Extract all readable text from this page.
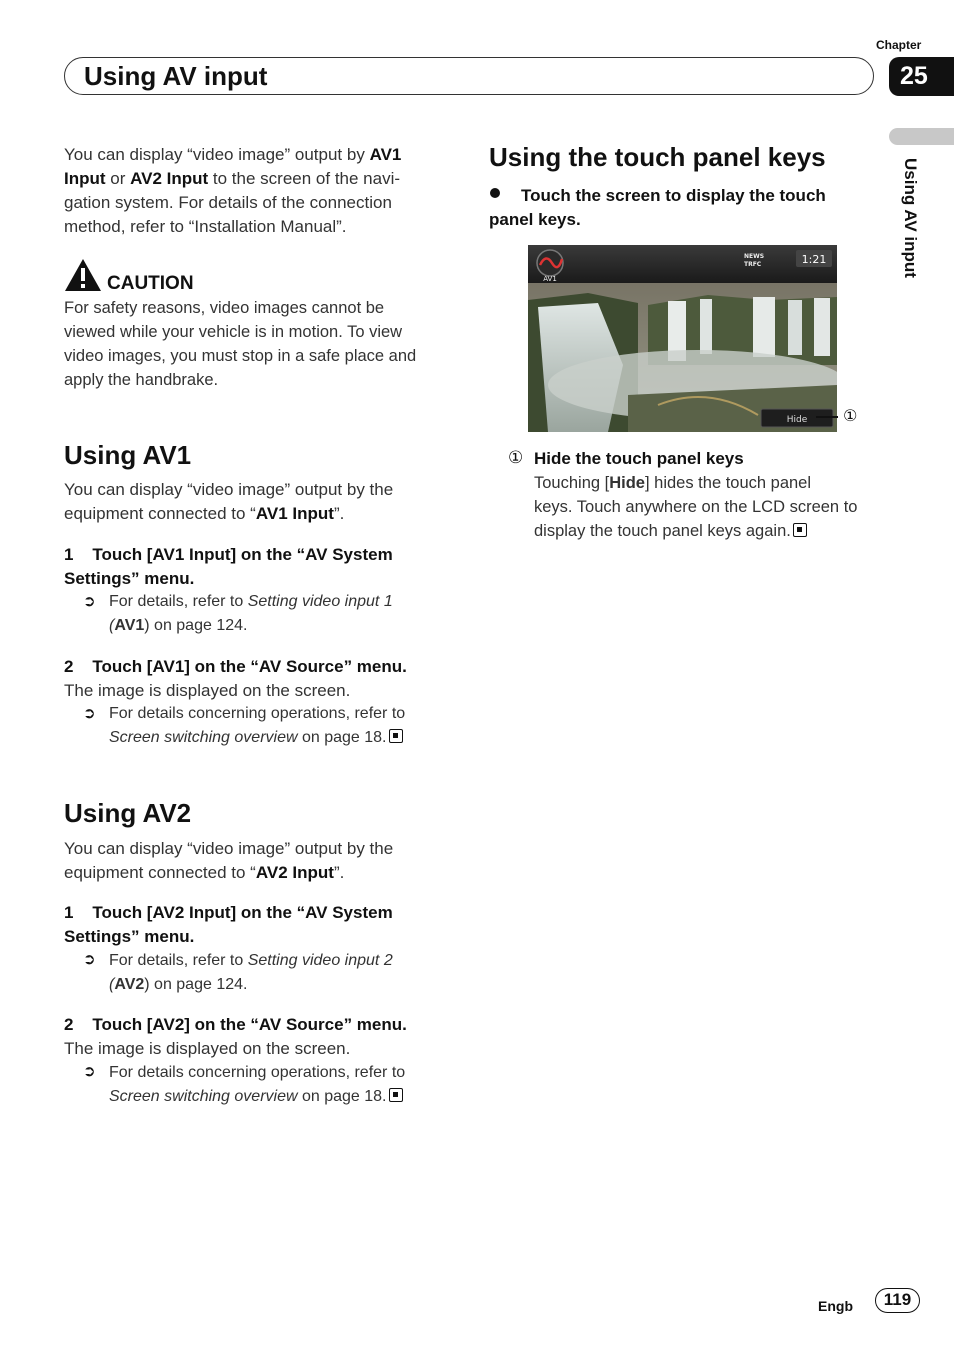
Chapter
25
Using AV input
Using AV input
You can display “video image” output by AV1
Input or AV2 Input to the screen of the navi-
gation system. For details of the connection
method, refer to “Installation Manual”.
CAUTION
For safety reasons, video images cannot be
viewed while your vehicle is in motion. To view
video images, you must stop in a safe place and
apply the handbrake.
Using AV1
You can display “video image” output by the
equipment connected to “AV1 Input”.
1    Touch [AV1 Input] on the “AV System
Settings” menu.
➲ For details, refer to Setting video input 1
(AV1) on page 124.
2    Touch [AV1] on the “AV Source” menu.
The image is displayed on the screen.
➲ For details concerning operations, refer to
Screen switching overview on page 18.
Using AV2
You can display “video image” output by the
equipment connected to “AV2 Input”.
1    Touch [AV2 Input] on the “AV System
Settings” menu.
➲ For details, refer to Setting video input 2
(AV2) on page 124.
2    Touch [AV2] on the “AV Source” menu.
The image is displayed on the screen.
➲ For details concerning operations, refer to
Screen switching overview on page 18.
Using the touch panel keys
Touch the screen to display the touch
panel keys.
AV1
NEWS
TRFC	1:21
Hide ①
① Hide the touch panel keys
Touching [Hide] hides the touch panel
keys. Touch anywhere on the LCD screen to
display the touch panel keys again.
Engb	119
